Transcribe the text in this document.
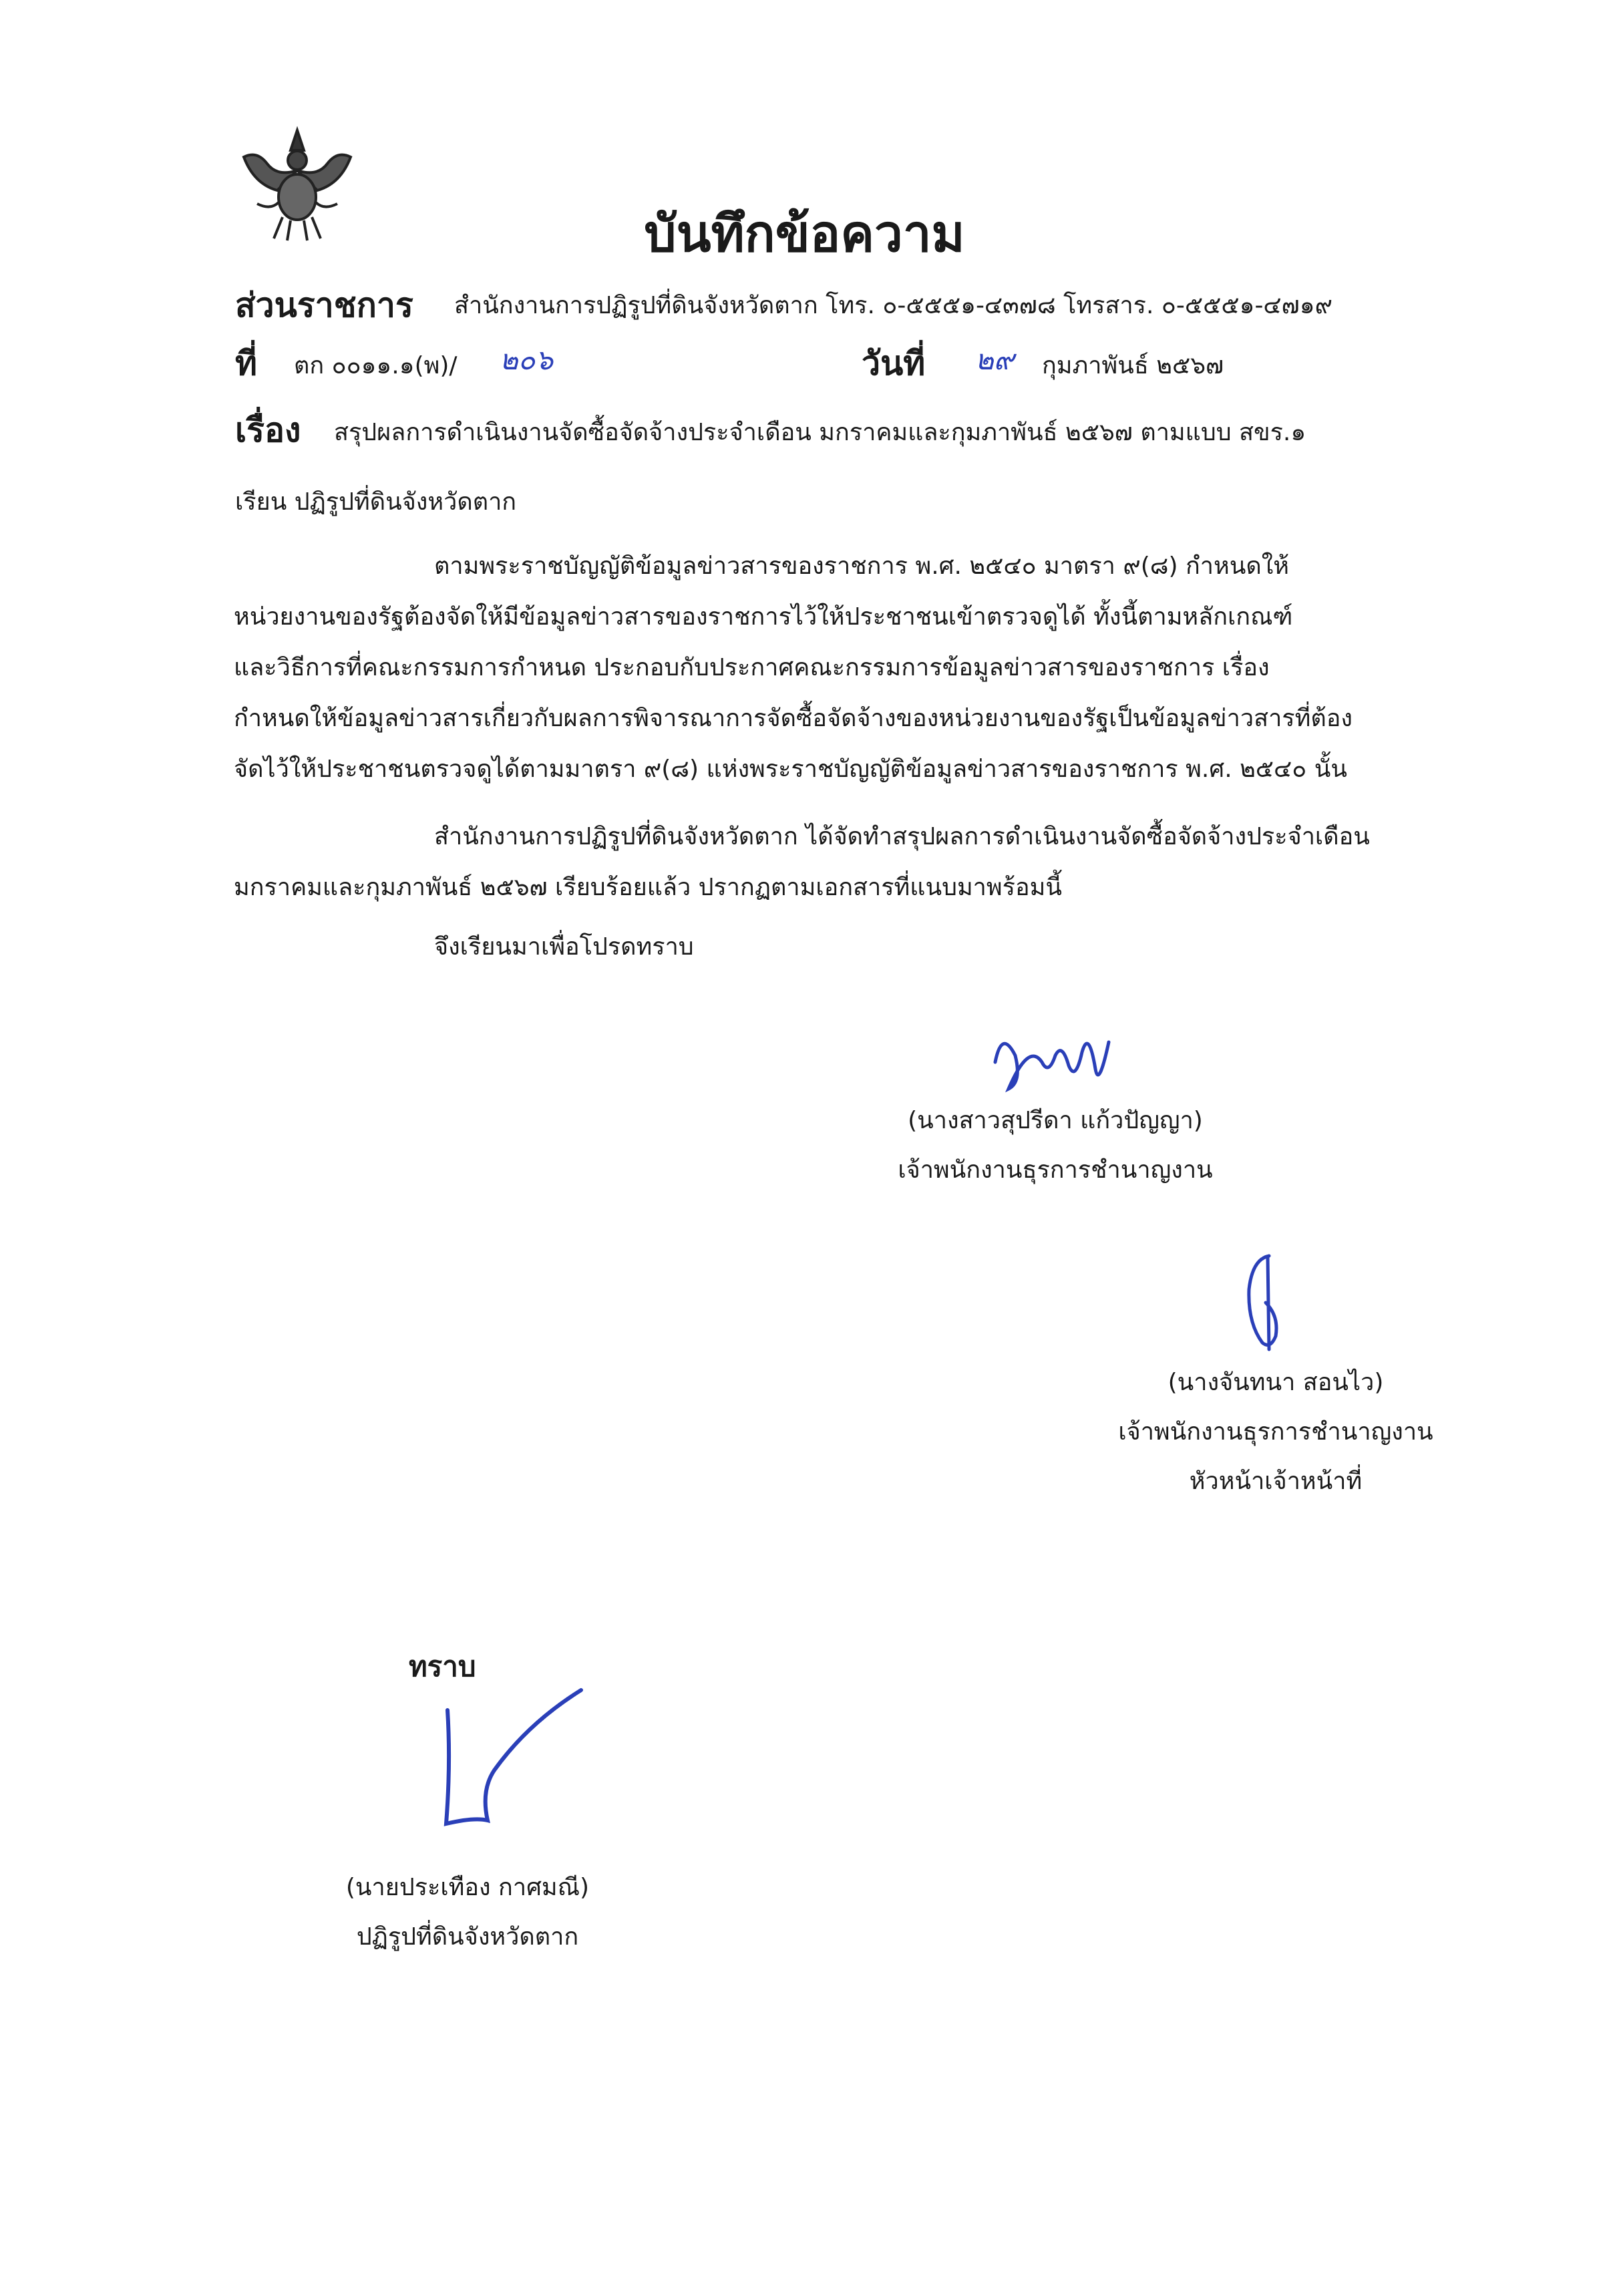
บันทึกข้อความ
ส่วนราชการ สำนักงานการปฏิรูปที่ดินจังหวัดตาก โทร. ๐-๕๕๕๑-๔๓๗๘ โทรสาร. ๐-๕๕๕๑-๔๗๑๙
ที่ ตก ๐๐๑๑.๑(พ)/ ๒๐๖	วันที่ ๒๙ กุมภาพันธ์ ๒๕๖๗
เรื่อง สรุปผลการดำเนินงานจัดซื้อจัดจ้างประจำเดือน มกราคมและกุมภาพันธ์ ๒๕๖๗ ตามแบบ สขร.๑
เรียน ปฏิรูปที่ดินจังหวัดตาก
ตามพระราชบัญญัติข้อมูลข่าวสารของราชการ พ.ศ. ๒๕๔๐ มาตรา ๙(๘) กำหนดให้
หน่วยงานของรัฐต้องจัดให้มีข้อมูลข่าวสารของราชการไว้ให้ประชาชนเข้าตรวจดูได้ ทั้งนี้ตามหลักเกณฑ์
และวิธีการที่คณะกรรมการกำหนด ประกอบกับประกาศคณะกรรมการข้อมูลข่าวสารของราชการ เรื่อง
กำหนดให้ข้อมูลข่าวสารเกี่ยวกับผลการพิจารณาการจัดซื้อจัดจ้างของหน่วยงานของรัฐเป็นข้อมูลข่าวสารที่ต้อง
จัดไว้ให้ประชาชนตรวจดูได้ตามมาตรา ๙(๘) แห่งพระราชบัญญัติข้อมูลข่าวสารของราชการ พ.ศ. ๒๕๔๐ นั้น
สำนักงานการปฏิรูปที่ดินจังหวัดตาก ได้จัดทำสรุปผลการดำเนินงานจัดซื้อจัดจ้างประจำเดือน
มกราคมและกุมภาพันธ์ ๒๕๖๗ เรียบร้อยแล้ว ปรากฏตามเอกสารที่แนบมาพร้อมนี้
จึงเรียนมาเพื่อโปรดทราบ
(นางสาวสุปรีดา แก้วปัญญา)
เจ้าพนักงานธุรการชำนาญงาน
(นางจันทนา สอนไว)
เจ้าพนักงานธุรการชำนาญงาน
หัวหน้าเจ้าหน้าที่
ทราบ
(นายประเทือง กาศมณี)
ปฏิรูปที่ดินจังหวัดตาก
